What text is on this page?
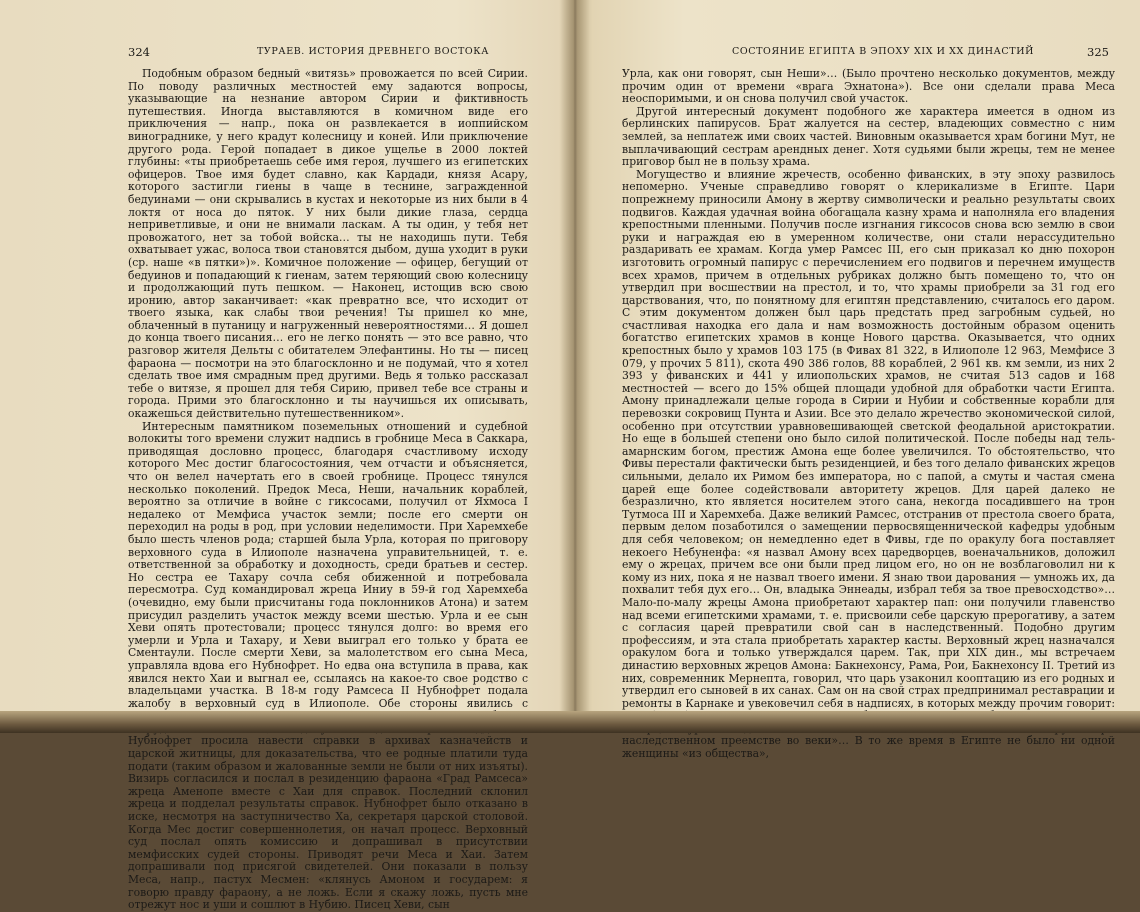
324	ТУРАЕВ. ИСТОРИЯ ДРЕВНЕГО ВОСТОКА

Подобным образом бедный «витязь» провожается по всей Сирии. По поводу различных местностей ему задаются вопросы, указывающие на незнание автором Сирии и фиктивность путешествия. Иногда выставляются в комичном виде его приключения — напр., пока он развлекается в иоппийском винограднике, у него крадут колесницу и коней. Или приключение другого рода. Герой попадает в дикое ущелье в 2000 локтей глубины: «ты приобретаешь себе имя героя, лучшего из египетских офицеров. Твое имя будет славно, как Кардади, князя Асару, которого застигли гиены в чаще в теснине, загражденной бедуинами — они скрывались в кустах и некоторые из них были в 4 локтя от носа до пяток. У них были дикие глаза, сердца неприветливые, и они не внимали ласкам. А ты один, у тебя нет провожатого, нет за тобой войска… ты не находишь пути. Тебя охватывает ужас, волоса твои становятся дыбом, душа уходит в руки (ср. наше «в пятки»)». Комичное положение — офицер, бегущий от бедуинов и попадающий к гиенам, затем теряющий свою колесницу и продолжающий путь пешком. — Наконец, истощив всю свою иронию, автор заканчивает: «как превратно все, что исходит от твоего языка, как слабы твои речения! Ты пришел ко мне, облаченный в путаницу и нагруженный невероятностями… Я дошел до конца твоего писания… его не легко понять — это все равно, что разговор жителя Дельты с обитателем Элефантины. Но ты — писец фараона — посмотри на это благосклонно и не подумай, что я хотел сделать твое имя смрадным пред другими. Ведь я только рассказал тебе о витязе, я прошел для тебя Сирию, привел тебе все страны и города. Прими это благосклонно и ты научишься их описывать, окажешься действительно путешественником».

Интересным памятником поземельных отношений и судебной волокиты того времени служит надпись в гробнице Меса в Саккара, приводящая дословно процесс, благодаря счастливому исходу которого Мес достиг благосостояния, чем отчасти и объясняется, что он велел начертать его в своей гробнице. Процесс тянулся несколько поколений. Предок Меса, Неши, начальник кораблей, вероятно за отличие в войне с гиксосами, получил от Яхмоса I недалеко от Мемфиса участок земли; после его смерти он переходил на роды в род, при условии неделимости. При Харемхебе было шесть членов рода; старшей была Урла, которая по приговору верховного суда в Илиополе назначена управительницей, т. е. ответственной за обработку и доходность, среди братьев и сестер. Но сестра ее Тахару сочла себя обиженной и потребовала пересмотра. Суд командировал жреца Иниу в 59-й год Харемхеба (очевидно, ему были присчитаны года поклонников Атона) и затем присудил разделить участок между всеми шестью. Урла и ее сын Хеви опять протестовали; процесс тянулся долго: во время его умерли и Урла и Тахару, и Хеви выиграл его только у брата ее Сментаули. После смерти Хеви, за малолетством его сына Меса, управляла вдова его Нубнофрет. Но едва она вступила в права, как явился некто Хаи и выгнал ее, ссылаясь на какое-то свое родство с владельцами участка. В 18-м году Рамсеса II Нубнофрет подала жалобу в верховный суд в Илиополе. Обе стороны явились с Нубнофрет просила навести справки в архивах казначейств и царской житницы, для доказательства, что ее родные платили туда подати (таким образом и жалованные земли не были от них изъяты). Визирь согласился и послал в резиденцию фараона «Град Рамсеса» жреца Аменопе вместе с Хаи для справок. Последний склонил жреца и подделал результаты справок. Нубнофрет было отказано в иске, несмотря на заступничество Ха, секретаря царской столовой. Когда Мес достиг совершеннолетия, он начал процесс. Верховный суд послал опять комиссию и допрашивал в присутствии мемфисских судей стороны. Приводят речи Меса и Хаи. Затем допрашивали под присягой свидетелей. Они показали в пользу Меса, напр., пастух Месмен: «клянусь Амоном и государем: я говорю правду фараону, а не ложь. Если я скажу ложь, пусть мне отрежут нос и уши и сошлют в Нубию. Писец Хеви, сын

СОСТОЯНИЕ ЕГИПТА В ЭПОХУ XIX И XX ДИНАСТИЙ	325

Урла, как они говорят, сын Неши»… (Было прочтено несколько документов, между прочим один от времени «врага Эхнатона»). Все они сделали права Меса неоспоримыми, и он снова получил свой участок.

Другой интересный документ подобного же характера имеется в одном из берлинских папирусов. Брат жалуется на сестер, владеющих совместно с ним землей, за неплатеж ими своих частей. Виновным оказывается храм богини Мут, не выплачивающий сестрам арендных денег. Хотя судьями были жрецы, тем не менее приговор был не в пользу храма.

Могущество и влияние жречеств, особенно фиванских, в эту эпоху развилось непомерно. Ученые справедливо говорят о клерикализме в Египте. Цари попрежнему приносили Амону в жертву символически и реально результаты своих подвигов. Каждая удачная война обогащала казну храма и наполняла его владения крепостными пленными. Получив после изгнания гиксосов снова всю землю в свои руки и награждая ею в умеренном количестве, они стали нерассудительно раздаривать ее храмам. Когда умер Рамсес III, его сын приказал ко дню похорон изготовить огромный папирус с перечислением его подвигов и перечнем имуществ всех храмов, причем в отдельных рубриках должно быть помещено то, что он утвердил при восшествии на престол, и то, что храмы приобрели за 31 год его царствования, что, по понятному для египтян представлению, считалось его даром. С этим документом должен был царь предстать пред загробным судьей, но счастливая находка его дала и нам возможность достойным образом оценить богатство египетских храмов в конце Нового царства. Оказывается, что одних крепостных было у храмов 103 175 (в Фивах 81 322, в Илиополе 12 963, Мемфисе 3 079, у прочих 5 811), скота 490 386 голов, 88 кораблей, 2 961 кв. км земли, из них 2 393 у фиванских и 441 у илиопольских храмов, не считая 513 садов и 168 местностей — всего до 15% общей площади удобной для обработки части Египта. Амону принадлежали целые города в Сирии и Нубии и собственные корабли для перевозки сокровищ Пунта и Азии. Все это делало жречество экономической силой, особенно при отсутствии уравновешивающей светской феодальной аристократии. Но еще в большей степени оно было силой политической. После победы над тель-амарнским богом, престиж Амона еще более увеличился. То обстоятельство, что Фивы перестали фактически быть резиденцией, и без того делало фиванских жрецов сильными, делало их Римом без императора, но с папой, а смуты и частая смена царей еще более содействовали авторитету жрецов. Для царей далеко не безразлично, кто является носителем этого сана, некогда посадившего на трон Тутмоса III и Харемхеба. Даже великий Рамсес, отстранив от престола своего брата, первым делом позаботился о замещении первосвященнической кафедры удобным для себя человеком; он немедленно едет в Фивы, где по оракулу бога поставляет некоего Небуненфа: «я назвал Амону всех царедворцев, военачальников, доложил ему о жрецах, причем все они были пред лицом его, но он не возблаговолил ни к кому из них, пока я не назвал твоего имени. Я знаю твои дарования — умножь их, да похвалит тебя дух его… Он, владыка Эннеады, избрал тебя за твое превосходство»… Мало-по-малу жрецы Амона приобретают характер пап: они получили главенство над всеми египетскими храмами, т. е. присвоили себе царскую прерогативу, а затем с согласия царей превратили свой сан в наследственный. Подобно другим профессиям, и эта стала приобретать характер касты. Верховный жрец назначался оракулом бога и только утверждался царем. Так, при XIX дин., мы встречаем династию верховных жрецов Амона: Бакнехонсу, Рама, Рои, Бакнехонсу II. Третий из них, современник Мернепта, говорил, что царь узаконил кооптацию из его родных и утвердил его сыновей в их санах. Сам он на свой страх предпринимал реставрации и ремонты в Карнаке и увековечил себя в надписях, в которых между прочим говорит: наследственном преемстве во веки»… В то же время в Египте не было ни одной женщины «из общества»,
